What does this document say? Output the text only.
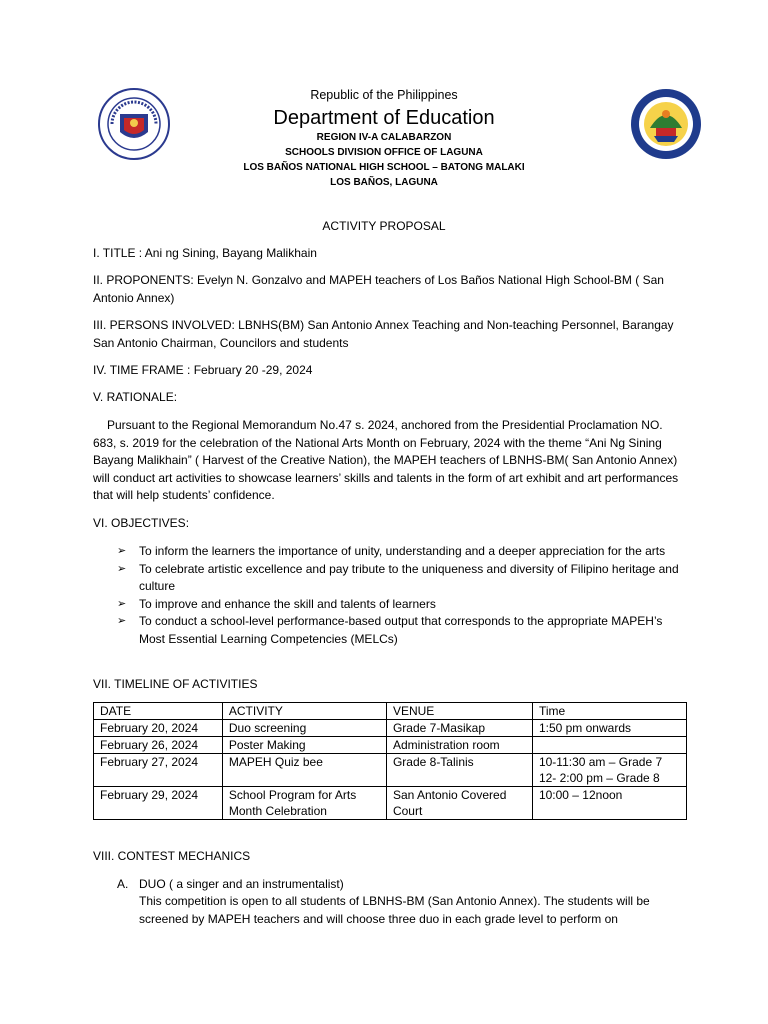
Republic of the Philippines
Department of Education
REGION IV-A CALABARZON
SCHOOLS DIVISION OFFICE OF LAGUNA
LOS BAÑOS NATIONAL HIGH SCHOOL – BATONG MALAKI
LOS BAÑOS, LAGUNA
ACTIVITY PROPOSAL
I. TITLE : Ani ng Sining, Bayang Malikhain
II. PROPONENTS: Evelyn N. Gonzalvo and MAPEH teachers of Los Baños National High School-BM ( San Antonio Annex)
III. PERSONS INVOLVED: LBNHS(BM) San Antonio Annex Teaching and Non-teaching Personnel, Barangay San Antonio Chairman, Councilors and students
IV. TIME FRAME : February 20 -29, 2024
V. RATIONALE:
Pursuant to the Regional Memorandum No.47 s. 2024, anchored from the Presidential Proclamation NO. 683, s. 2019 for the celebration of the National Arts Month on February, 2024 with the theme “Ani Ng Sining Bayang Malikhain” ( Harvest of the Creative Nation), the MAPEH teachers of LBNHS-BM( San Antonio Annex) will conduct art activities to showcase learners’ skills and talents in the form of art exhibit and art performances that will help students’ confidence.
VI. OBJECTIVES:
➢ To inform the learners the importance of unity, understanding and a deeper appreciation for the arts
➢ To celebrate artistic excellence and pay tribute to the uniqueness and diversity of Filipino heritage and culture
➢ To improve and enhance the skill and talents of learners
➢ To conduct a school-level performance-based output that corresponds to the appropriate MAPEH’s Most Essential Learning Competencies (MELCs)
VII. TIMELINE OF ACTIVITIES
DATE	ACTIVITY	VENUE	Time
February 20, 2024	Duo screening	Grade 7-Masikap	1:50 pm onwards
February 26, 2024	Poster Making	Administration room	
February 27, 2024	MAPEH Quiz bee	Grade 8-Talinis	10-11:30 am – Grade 7
12- 2:00 pm – Grade 8
February 29, 2024	School Program for Arts Month Celebration	San Antonio Covered Court	10:00 – 12noon
VIII. CONTEST MECHANICS
A. DUO ( a singer and an instrumentalist)
This competition is open to all students of LBNHS-BM (San Antonio Annex). The students will be screened by MAPEH teachers and will choose three duo in each grade level to perform on
